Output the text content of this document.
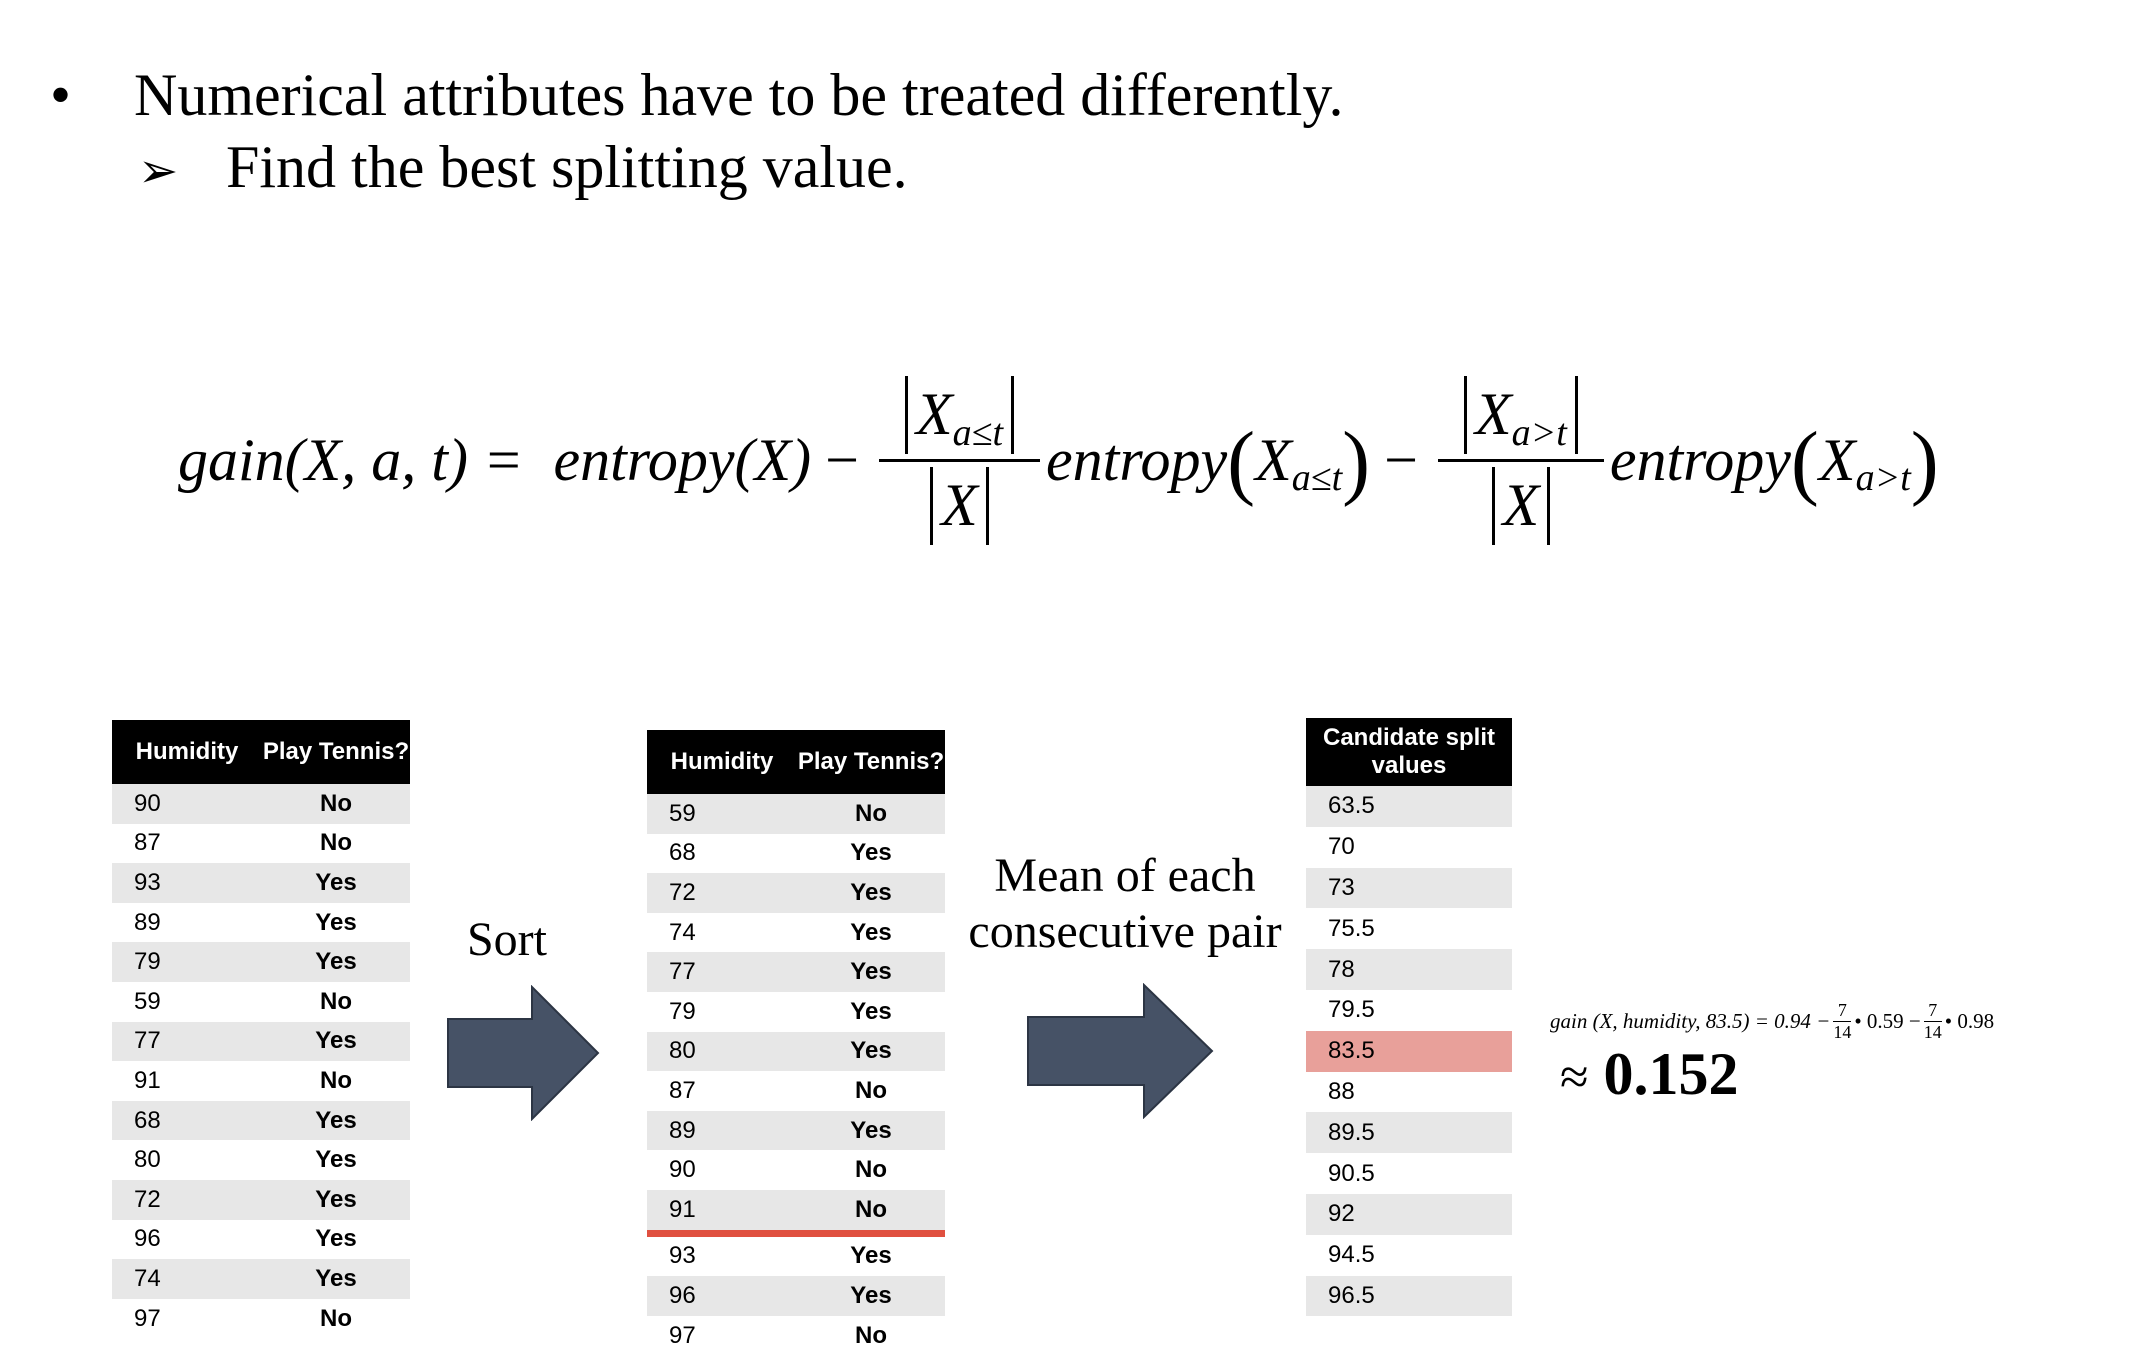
• Numerical attributes have to be treated differently.
➢ Find the best splitting value.
gain(X, a, t) = entropy(X) − $\frac{\text{X a≤t}}{X}$ entropy ( X a≤t ) − $\frac{\text{X a>t}}{X}$ entropy ( X a>t )
Humidity	Play Tennis?
90	No
87	No
93	Yes
89	Yes
79	Yes
59	No
77	Yes
91	No
68	Yes
80	Yes
72	Yes
96	Yes
74	Yes
97	No
Sort
Humidity	Play Tennis?
59	No
68	Yes
72	Yes
74	Yes
77	Yes
79	Yes
80	Yes
87	No
89	Yes
90	No
91	No
93	Yes
96	Yes
97	No
Mean of each
consecutive pair
Candidate split values
63.5
70
73
75.5
78
79.5
83.5
88
89.5
90.5
92
94.5
96.5
gain (X, humidity, 83.5) = 0.94 − 7
14 • 0.59 − 7
14 • 0.98
≈ 0.152
